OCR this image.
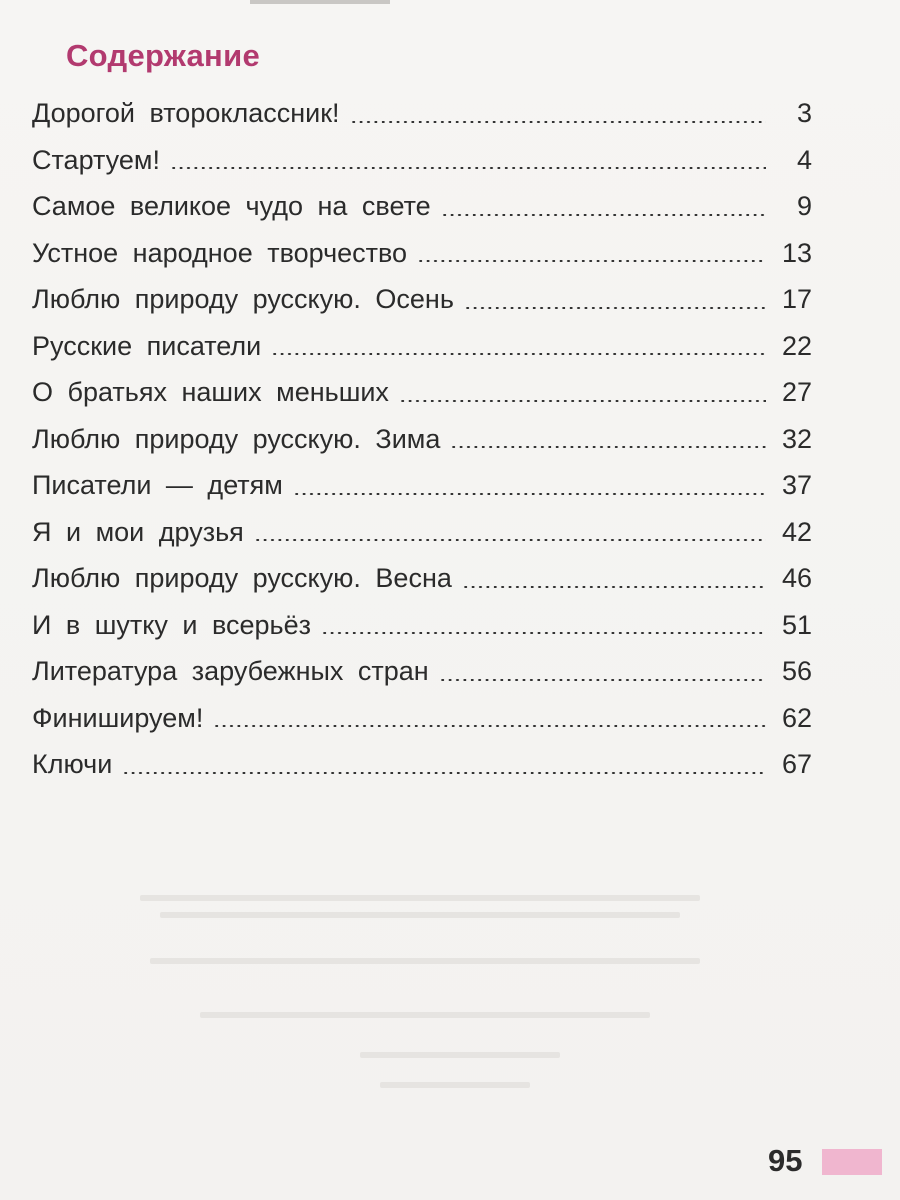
Содержание
Дорогой второклассник!	3
Стартуем!	4
Самое великое чудо на свете	9
Устное народное творчество	13
Люблю природу русскую. Осень	17
Русские писатели	22
О братьях наших меньших	27
Люблю природу русскую. Зима	32
Писатели — детям	37
Я и мои друзья	42
Люблю природу русскую. Весна	46
И в шутку и всерьёз	51
Литература зарубежных стран	56
Финишируем!	62
Ключи	67
95
